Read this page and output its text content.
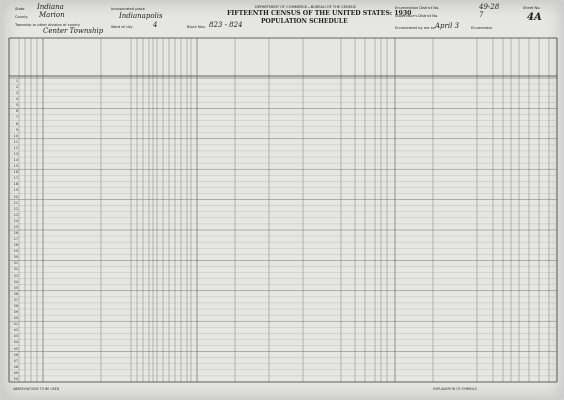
DEPARTMENT OF COMMERCE—BUREAU OF THE CENSUS
FIFTEENTH CENSUS OF THE UNITED STATES: 1930
POPULATION SCHEDULE
State Indiana
County Marion
Township or other division of county
Center Township
Incorporated place
Indianapolis
Ward of city	4	Block Nos. 823 - 824
Enumeration District No.	49-28
Supervisor's District No.	7
Enumerated by me on April 3	Enumerator
Sheet No.
4A
1
2
3
4
5
6
7
8
9
10
11
12
13
14
15
16
17
18
19
20
21
22
23
24
25
26
27
28
29
30
31
32
33
34
35
36
37
38
39
40
41
42
43
44
45
46
47
48
49
50
ABBREVIATIONS TO BE USED	EXPLANATION OF SYMBOLS
